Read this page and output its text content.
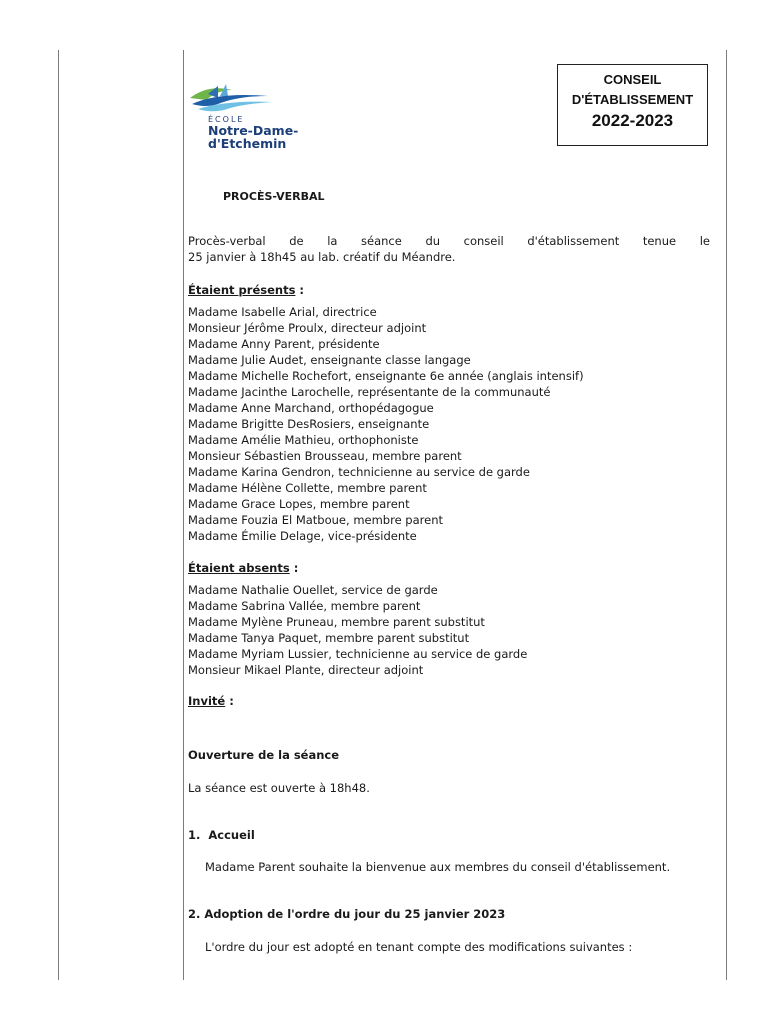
ÉCOLE
Notre-Dame-
d'Etchemin
CONSEIL
D'ÉTABLISSEMENT
2022-2023
PROCÈS-VERBAL
Procès-verbal de la séance du conseil d'établissement tenue le
25 janvier à 18h45 au lab. créatif du Méandre.
Étaient présents :
Madame Isabelle Arial, directrice
Monsieur Jérôme Proulx, directeur adjoint
Madame Anny Parent, présidente
Madame Julie Audet, enseignante classe langage
Madame Michelle Rochefort, enseignante 6e année (anglais intensif)
Madame Jacinthe Larochelle, représentante de la communauté
Madame Anne Marchand, orthopédagogue
Madame Brigitte DesRosiers, enseignante
Madame Amélie Mathieu, orthophoniste
Monsieur Sébastien Brousseau, membre parent
Madame Karina Gendron, technicienne au service de garde
Madame Hélène Collette, membre parent
Madame Grace Lopes, membre parent
Madame Fouzia El Matboue, membre parent
Madame Émilie Delage, vice-présidente
Étaient absents :
Madame Nathalie Ouellet, service de garde
Madame Sabrina Vallée, membre parent
Madame Mylène Pruneau, membre parent substitut
Madame Tanya Paquet, membre parent substitut
Madame Myriam Lussier, technicienne au service de garde
Monsieur Mikael Plante, directeur adjoint
Invité :
Ouverture de la séance
La séance est ouverte à 18h48.
1.  Accueil
Madame Parent souhaite la bienvenue aux membres du conseil d'établissement.
2. Adoption de l'ordre du jour du 25 janvier 2023
L'ordre du jour est adopté en tenant compte des modifications suivantes :
